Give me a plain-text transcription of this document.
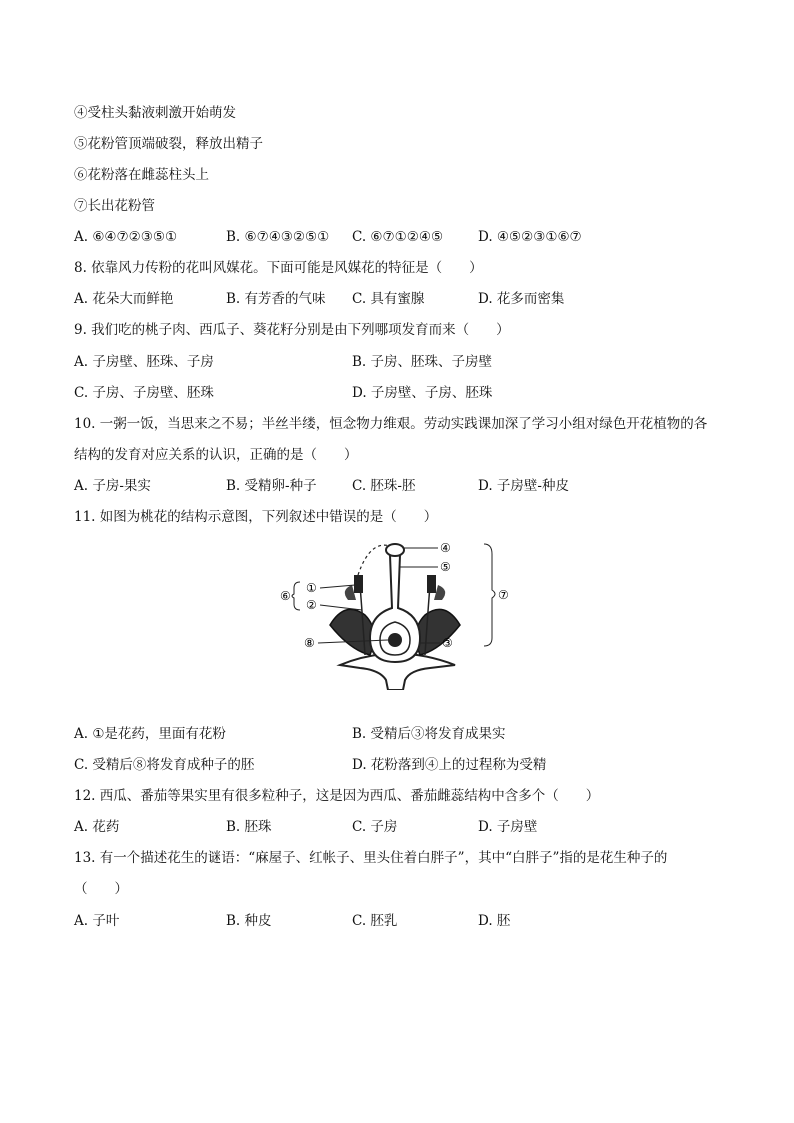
④受柱头黏液刺激开始萌发
⑤花粉管顶端破裂，释放出精子
⑥花粉落在雌蕊柱头上
⑦长出花粉管
A. ⑥④⑦②③⑤①	B. ⑥⑦④③②⑤① C. ⑥⑦①②④⑤	D. ④⑤②③①⑥⑦
8. 依靠风力传粉的花叫风媒花。下面可能是风媒花的特征是（　　）
A. 花朵大而鲜艳	B. 有芳香的气味 C. 具有蜜腺	D. 花多而密集
9. 我们吃的桃子肉、西瓜子、葵花籽分别是由下列哪项发育而来（　　）
A. 子房壁、胚珠、子房	B. 子房、胚珠、子房壁
C. 子房、子房壁、胚珠	D. 子房壁、子房、胚珠
10. 一粥一饭，当思来之不易；半丝半缕，恒念物力维艰。劳动实践课加深了学习小组对绿色开花植物的各
结构的发育对应关系的认识，正确的是（　　）
A. 子房-果实	B. 受精卵-种子	C. 胚珠-胚	D. 子房壁-种皮
11. 如图为桃花的结构示意图，下列叙述中错误的是（　　）
④
⑤
③
①
②
⑥	⑦
⑧
A. ①是花药，里面有花粉	B. 受精后③将发育成果实
C. 受精后⑧将发育成种子的胚	D. 花粉落到④上的过程称为受精
12. 西瓜、番茄等果实里有很多粒种子，这是因为西瓜、番茄雌蕊结构中含多个（　　）
A. 花药	B. 胚珠	C. 子房	D. 子房壁
13. 有一个描述花生的谜语：“麻屋子、红帐子、里头住着白胖子”，其中“白胖子”指的是花生种子的
（　　）
A. 子叶	B. 种皮	C. 胚乳	D. 胚
